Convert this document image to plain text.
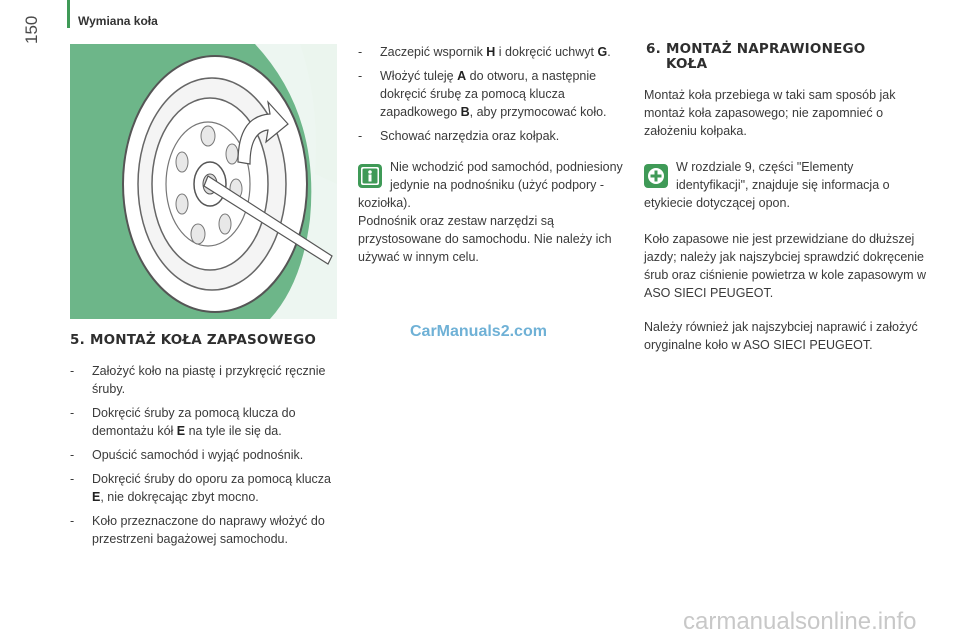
Wymiana koła
150
5. MONTAŻ KOŁA ZAPASOWEGO
- Założyć koło na piastę i przykręcić ręcznie śruby.
- Dokręcić śruby za pomocą klucza do demontażu kół E na tyle ile się da.
- Opuścić samochód i wyjąć podnośnik.
- Dokręcić śruby do oporu za pomocą klucza E, nie dokręcając zbyt mocno.
- Koło przeznaczone do naprawy włożyć do przestrzeni bagażowej samochodu.
- Zaczepić wspornik H i dokręcić uchwyt G.
- Włożyć tuleję A do otworu, a następnie dokręcić śrubę za pomocą klucza zapadkowego B, aby przymocować koło.
- Schować narzędzia oraz kołpak.

Nie wchodzić pod samochód, podniesiony jedynie na podnośniku (użyć podpory - koziołka).

Podnośnik oraz zestaw narzędzi są przystosowane do samochodu. Nie należy ich używać w innym celu.
6. MONTAŻ NAPRAWIONEGO
KOŁA
Montaż koła przebiega w taki sam sposób jak montaż koła zapasowego; nie zapomnieć o założeniu kołpaka.

W rozdziale 9, części "Elementy identyfikacji", znajduje się informacja o etykiecie dotyczącej opon.

Koło zapasowe nie jest przewidziane do dłuższej jazdy; należy jak najszybciej sprawdzić dokręcenie śrub oraz ciśnienie powietrza w kole zapasowym w ASO SIECI PEUGEOT.
Należy również jak najszybciej naprawić i założyć oryginalne koło w ASO SIECI PEUGEOT.
CarManuals2.com
carmanualsonline.info
